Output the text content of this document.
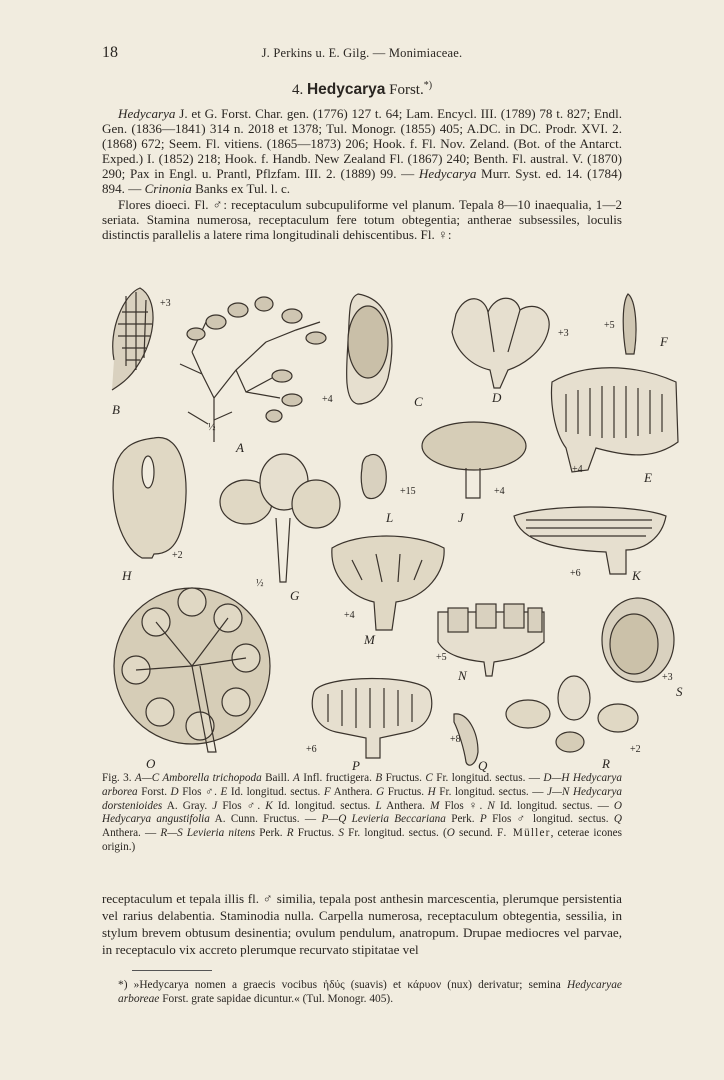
18	J. Perkins u. E. Gilg. — Monimiaceae.
4. Hedycarya Forst.*)

Hedycarya J. et G. Forst. Char. gen. (1776) 127 t. 64; Lam. Encycl. III. (1789) 78 t. 827; Endl. Gen. (1836—1841) 314 n. 2018 et 1378; Tul. Monogr. (1855) 405; A.DC. in DC. Prodr. XVI. 2. (1868) 672; Seem. Fl. vitiens. (1865—1873) 206; Hook. f. Fl. Nov. Zeland. (Bot. of the Antarct. Exped.) I. (1852) 218; Hook. f. Handb. New Zealand Fl. (1867) 240; Benth. Fl. austral. V. (1870) 290; Pax in Engl. u. Prantl, Pflzfam. III. 2. (1889) 99. — Hedycarya Murr. Syst. ed. 14. (1784) 894. — Crinonia Banks ex Tul. l. c.

Flores dioeci. Fl. ♂: receptaculum subcupuliforme vel planum. Tepala 8—10 inaequalia, 1—2 seriata. Stamina numerosa, receptaculum fere totum obtegentia; antherae subsessiles, loculis distinctis parallelis a latere rima longitudinali dehiscentibus. Fl. ♀:

B
A
C	D
E
F
G
H
J
K
L
M
N
O	P	Q	R
S
+3
½
+4
+3
+4
+5
½
+2
+4
+6
+15
+4
+5
+6
+8
+2
+3
Fig. 3. A—C Amborella trichopoda Baill. A Infl. fructigera. B Fructus. C Fr. longitud. sectus. — D—H Hedycarya arborea Forst. D Flos ♂. E Id. longitud. sectus. F Anthera. G Fructus. H Fr. longitud. sectus. — J—N Hedycarya dorstenioides A. Gray. J Flos ♂. K Id. longitud. sectus. L Anthera. M Flos ♀. N Id. longitud. sectus. — O Hedycarya angustifolia A. Cunn. Fructus. — P—Q Levieria Beccariana Perk. P Flos ♂ longitud. sectus. Q Anthera. — R—S Levieria nitens Perk. R Fructus. S Fr. longitud. sectus. (O secund. F. Müller, ceterae icones origin.)
receptaculum et tepala illis fl. ♂ similia, tepala post anthesin marcescentia, plerumque persistentia vel rarius delabentia. Staminodia nulla. Carpella numerosa, receptaculum obtegentia, sessilia, in stylum brevem obtusum desinentia; ovulum pendulum, anatropum. Drupae mediocres vel parvae, in receptaculo vix accreto plerumque recurvato stipitatae vel
*) »Hedycarya nomen a graecis vocibus ἡδύς (suavis) et κάρυον (nux) derivatur; semina Hedycaryae arboreae Forst. grate sapidae dicuntur.« (Tul. Monogr. 405).
